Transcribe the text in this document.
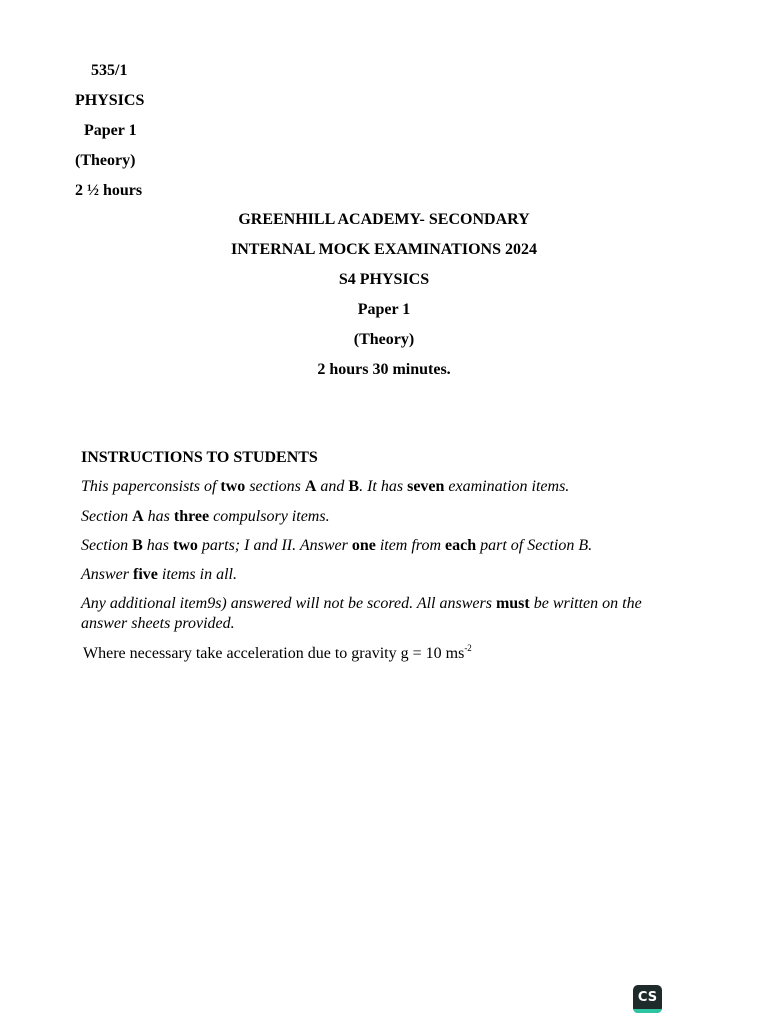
535/1
PHYSICS
Paper 1
(Theory)
2 ½ hours
GREENHILL ACADEMY- SECONDARY
INTERNAL MOCK EXAMINATIONS 2024
S4 PHYSICS
Paper 1
(Theory)
2 hours 30 minutes.
INSTRUCTIONS TO STUDENTS
This paperconsists of two sections A and B. It has seven examination items.
Section A has three compulsory items.
Section B has two parts; I and II. Answer one item from each part of Section B.
Answer five items in all.
Any additional item9s) answered will not be scored. All answers must be written on the
answer sheets provided.
Where necessary take acceleration due to gravity g = 10 $ms^{-2}$
CS
